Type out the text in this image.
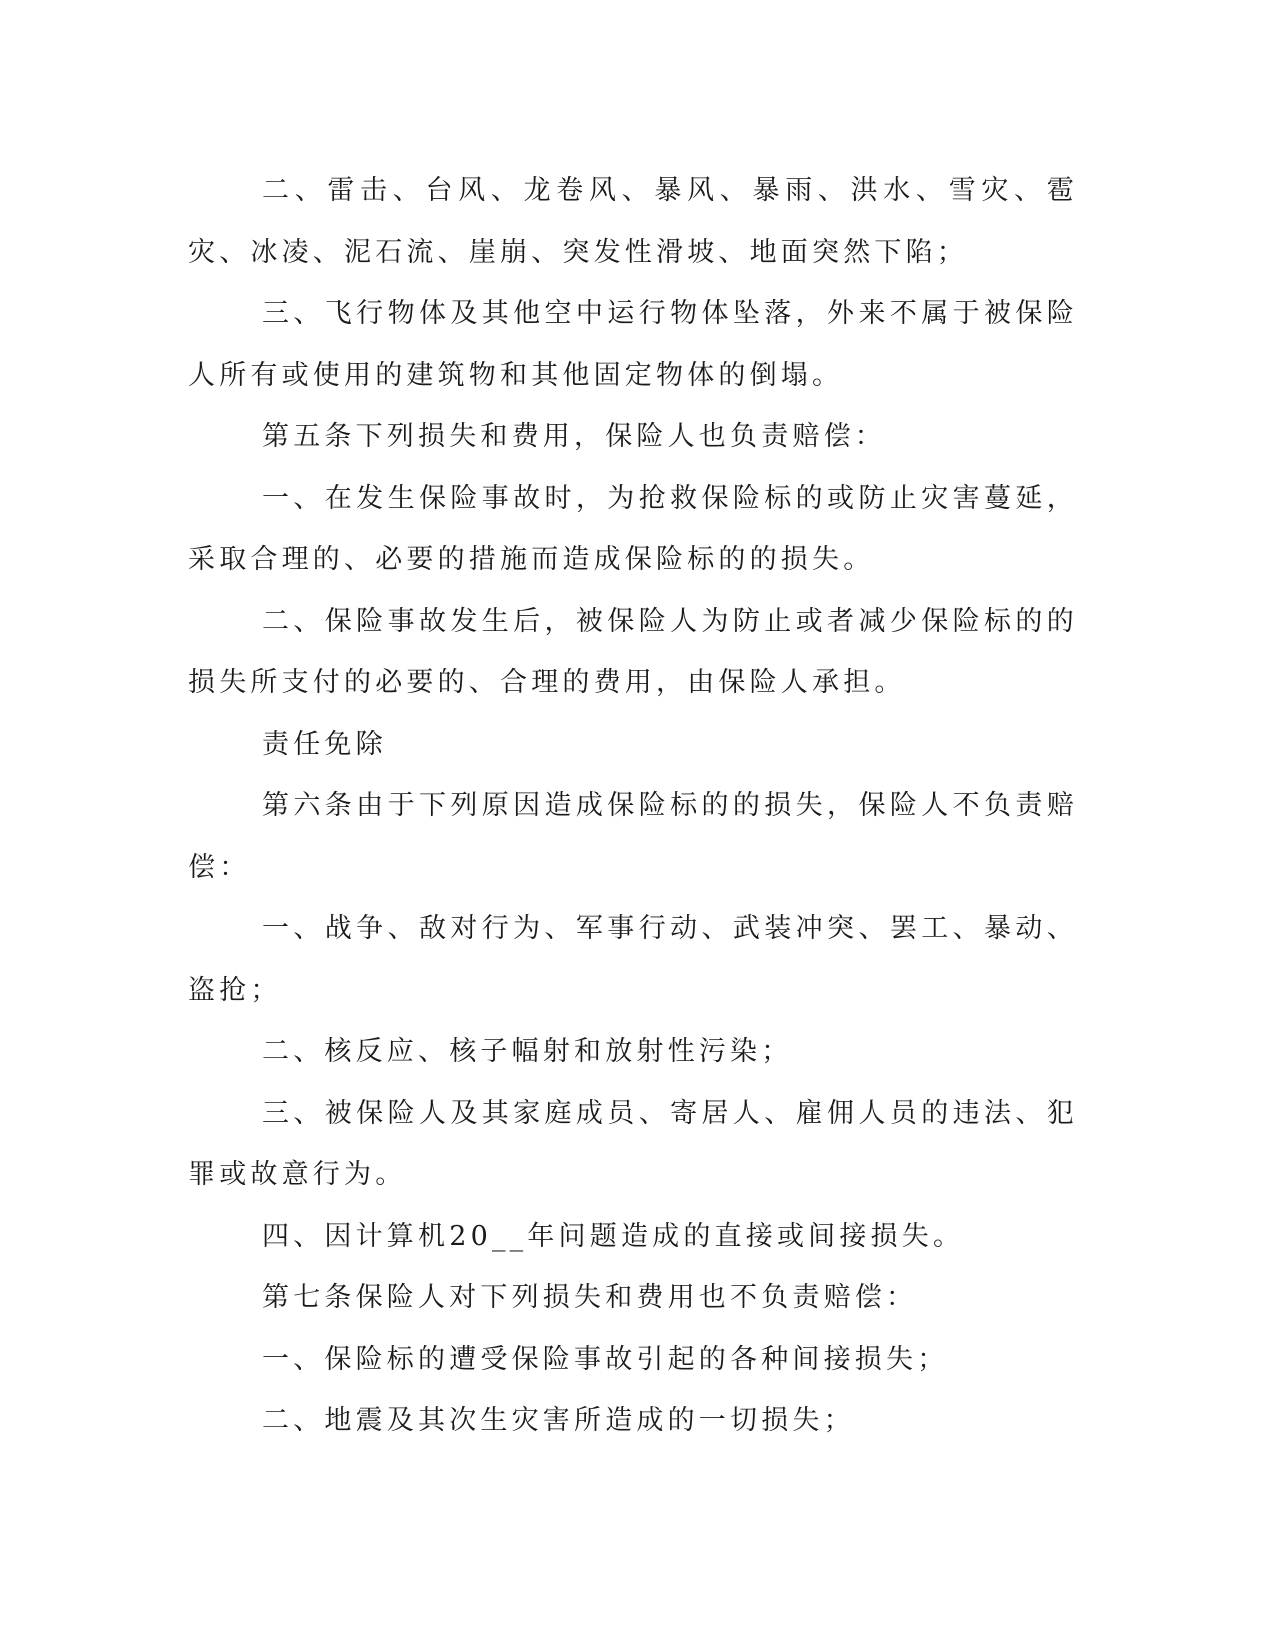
二、雷击、台风、龙卷风、暴风、暴雨、洪水、雪灾、雹灾、冰凌、泥石流、崖崩、突发性滑坡、地面突然下陷；

三、飞行物体及其他空中运行物体坠落，外来不属于被保险人所有或使用的建筑物和其他固定物体的倒塌。

第五条下列损失和费用，保险人也负责赔偿：

一、在发生保险事故时，为抢救保险标的或防止灾害蔓延，采取合理的、必要的措施而造成保险标的的损失。

二、保险事故发生后，被保险人为防止或者减少保险标的的损失所支付的必要的、合理的费用，由保险人承担。

责任免除

第六条由于下列原因造成保险标的的损失，保险人不负责赔偿：

一、战争、敌对行为、军事行动、武装冲突、罢工、暴动、盗抢；

二、核反应、核子幅射和放射性污染；

三、被保险人及其家庭成员、寄居人、雇佣人员的违法、犯罪或故意行为。

四、因计算机20__年问题造成的直接或间接损失。

第七条保险人对下列损失和费用也不负责赔偿：

一、保险标的遭受保险事故引起的各种间接损失；

二、地震及其次生灾害所造成的一切损失；
